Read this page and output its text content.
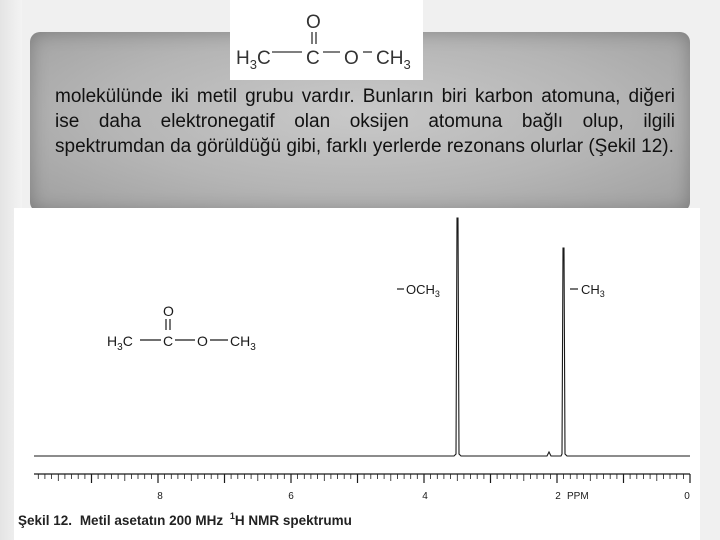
O
$H_3C$ C O $CH_3$

molekülünde iki metil grubu vardır. Bunların biri karbon atomuna, diğeri ise daha elektronegatif olan oksijen atomuna bağlı olup, ilgili spektrumdan da görüldüğü gibi, farklı yerlerde rezonans olurlar (Şekil 12).

O
$H_3C$ C O $CH_3$
$OCH_3$	$CH_3$
8	6	4	2 PPM	0
Şekil 12. Metil asetatın 200 MHz $^1$H NMR spektrumu
